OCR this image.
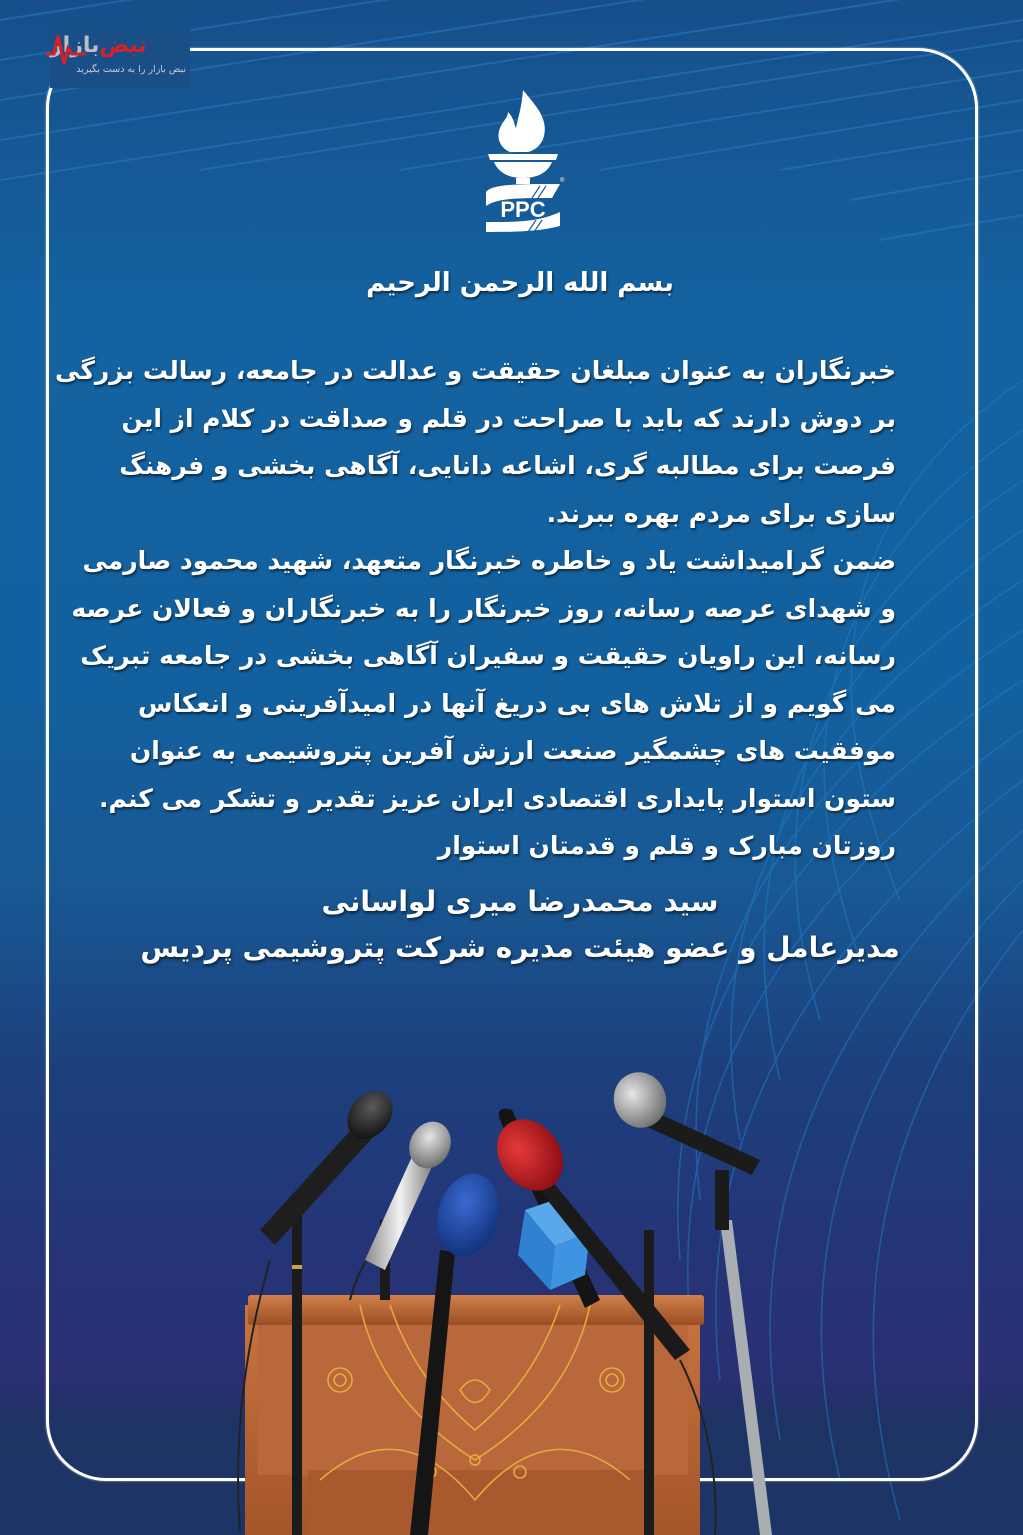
نبض
بازار
نبض بازار را به دست بگیرید
PPC
®
بسم الله الرحمن الرحیم
خبرنگاران به عنوان مبلغان حقیقت و عدالت در جامعه، رسالت بزرگی
بر دوش دارند که باید با صراحت در قلم و صداقت در کلام از این
فرصت برای مطالبه گری، اشاعه دانایی، آگاهی بخشی و فرهنگ
سازی برای مردم بهره ببرند.
ضمن گرامیداشت یاد و خاطره خبرنگار متعهد، شهید محمود صارمی
و شهدای عرصه رسانه، روز خبرنگار را به خبرنگاران و فعالان عرصه
رسانه، این راویان حقیقت و سفیران آگاهی بخشی در جامعه تبریک
می گویم و از تلاش های بی دریغ آنها در امیدآفرینی و انعکاس
موفقیت های چشمگیر صنعت ارزش آفرین پتروشیمی به عنوان
ستون استوار پایداری اقتصادی ایران عزیز تقدیر و تشکر می کنم.
روزتان مبارک و قلم و قدمتان استوار
سید محمدرضا میری لواسانی
مدیرعامل و عضو هیئت مدیره شرکت پتروشیمی پردیس
